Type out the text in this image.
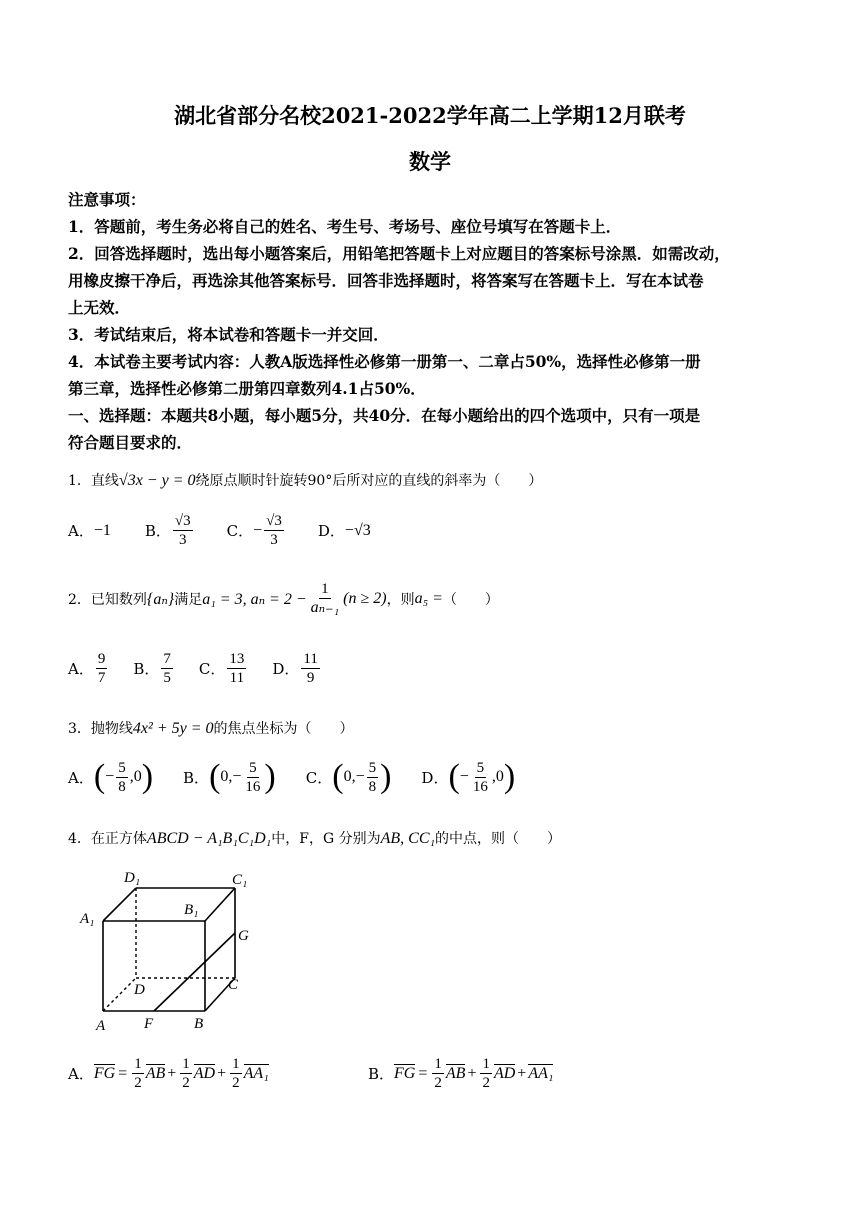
湖北省部分名校2021-2022学年高二上学期12月联考
数学
注意事项：
1．答题前，考生务必将自己的姓名、考生号、考场号、座位号填写在答题卡上．
2．回答选择题时，选出每小题答案后，用铅笔把答题卡上对应题目的答案标号涂黑．如需改动，
用橡皮擦干净后，再选涂其他答案标号．回答非选择题时，将答案写在答题卡上．写在本试卷
上无效．
3．考试结束后，将本试卷和答题卡一并交回．
4．本试卷主要考试内容：人教A版选择性必修第一册第一、二章占50%，选择性必修第一册
第三章，选择性必修第二册第四章数列4.1占50%．
一、选择题：本题共8小题，每小题5分，共40分．在每小题给出的四个选项中，只有一项是
符合题目要求的．
1．直线√3x − y = 0绕原点顺时针旋转90°后所对应的直线的斜率为（　　）
A． −1 B． $\frac{√3}{3}$ C． − $\frac{√3}{3}$ D． −√3
2．已知数列 {aₙ} 满足 a₁ = 3, $a_n = 2 - \frac{1}{\text{aₙ₋₁}} (n \ge 2)$ ，则 a₅ = （　　）
A． $\frac{9}{7}$ B． $\frac{7}{5}$ C． $\frac{13}{11}$ D． $\frac{11}{9}$
3．抛物线4x² + 5y = 0的焦点坐标为（　　）
A． ( − $\frac{5}{8} ,0$ ) B． ( $0,- \frac{5}{16}$ ) C． ( $0,- \frac{5}{8}$ ) D． ( − $\frac{5}{16} ,0$ )
4．在正方体ABCD − A₁B₁C₁D₁中，F，G 分别为AB, CC₁的中点，则（　　）
D₁	C₁
A₁
B₁
G
D	C
A	F	B
A． FG = $\frac{1}{2}$ AB + $\frac{1}{2}$ AD + $\frac{1}{2} AA_1$	B． FG = $\frac{1}{2}$ AB + $\frac{1}{2}$ AD + AA₁
